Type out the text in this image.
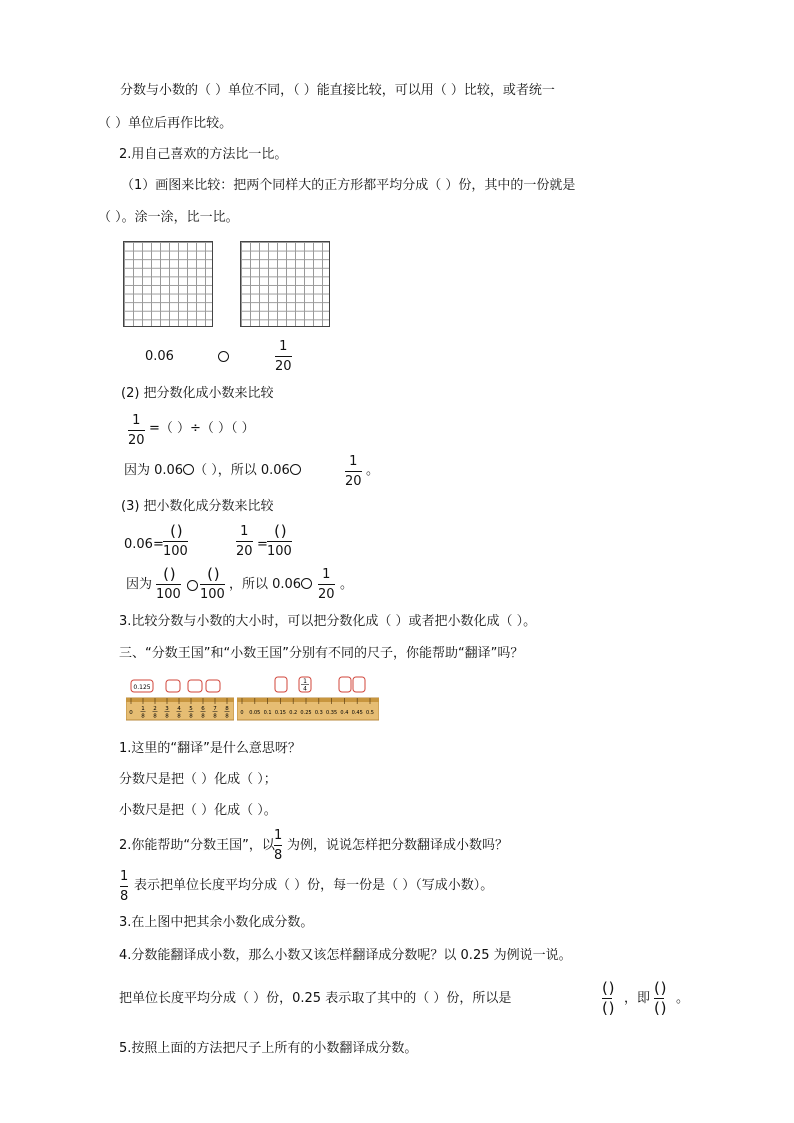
分数与小数的（ ）单位不同，（ ）能直接比较，可以用（ ）比较，或者统一
（ ）单位后再作比较。
2.用自己喜欢的方法比一比。
（1）画图来比较：把两个同样大的正方形都平均分成（ ）份，其中的一份就是
（ ）。涂一涂，比一比。
0.06
1
20
(2) 把分数化成小数来比较
1
20
=（ ）÷（ ）（ ）
因为 0.06 （ ），所以 0.06
1
20
。
(3) 把小数化成分数来比较
0.06=
( )
100
1
20 =
( )
100
因为
( )
100
( )
100
，所以 0.06
1
20
。
3.比较分数与小数的大小时，可以把分数化成（ ）或者把小数化成（ ）。
三、“分数王国”和“小数王国”分别有不同的尺子，你能帮助“翻译”吗？
0.125
0
1
8
2
8
3
8
4
8
5
8
6
8
7
8
8
8
1
4
0 0.05 0.1 0.15 0.2 0.25 0.3 0.35 0.4 0.45 0.5
1.这里的“翻译”是什么意思呀？
分数尺是把（ ）化成（ ）；
小数尺是把（ ）化成（ ）。
2.你能帮助“分数王国”，以
1
8
为例，说说怎样把分数翻译成小数吗？
1
8
表示把单位长度平均分成（ ）份，每一份是（ ）（写成小数）。
3.在上图中把其余小数化成分数。
4.分数能翻译成小数，那么小数又该怎样翻译成分数呢？以 0.25 为例说一说。
把单位长度平均分成（ ）份，0.25 表示取了其中的（ ）份，所以是
( )
( )
，即
( )
( )
。
5.按照上面的方法把尺子上所有的小数翻译成分数。
